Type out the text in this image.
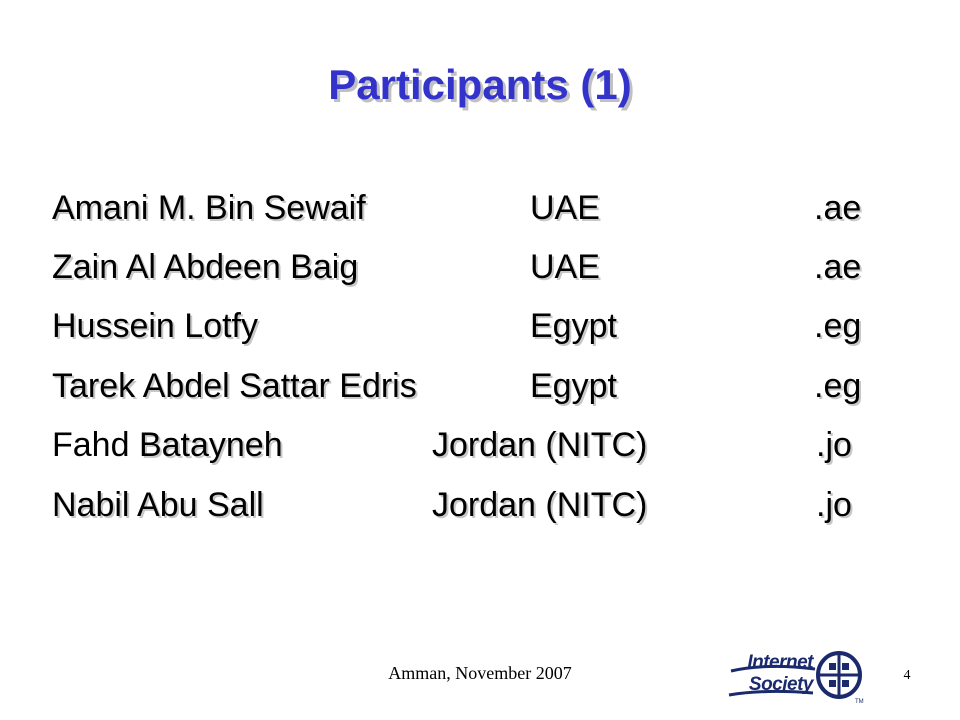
Participants (1)
Amani M. Bin Sewaif	UAE	.ae
Zain Al Abdeen Baig	UAE	.ae
Hussein Lotfy	Egypt	.eg
Tarek Abdel Sattar Edris	Egypt	.eg
Fahd Batayneh	Jordan (NITC)	.jo
Nabil Abu Sall	Jordan (NITC)	.jo
Amman, November 2007	Internet
Society
TM
4
